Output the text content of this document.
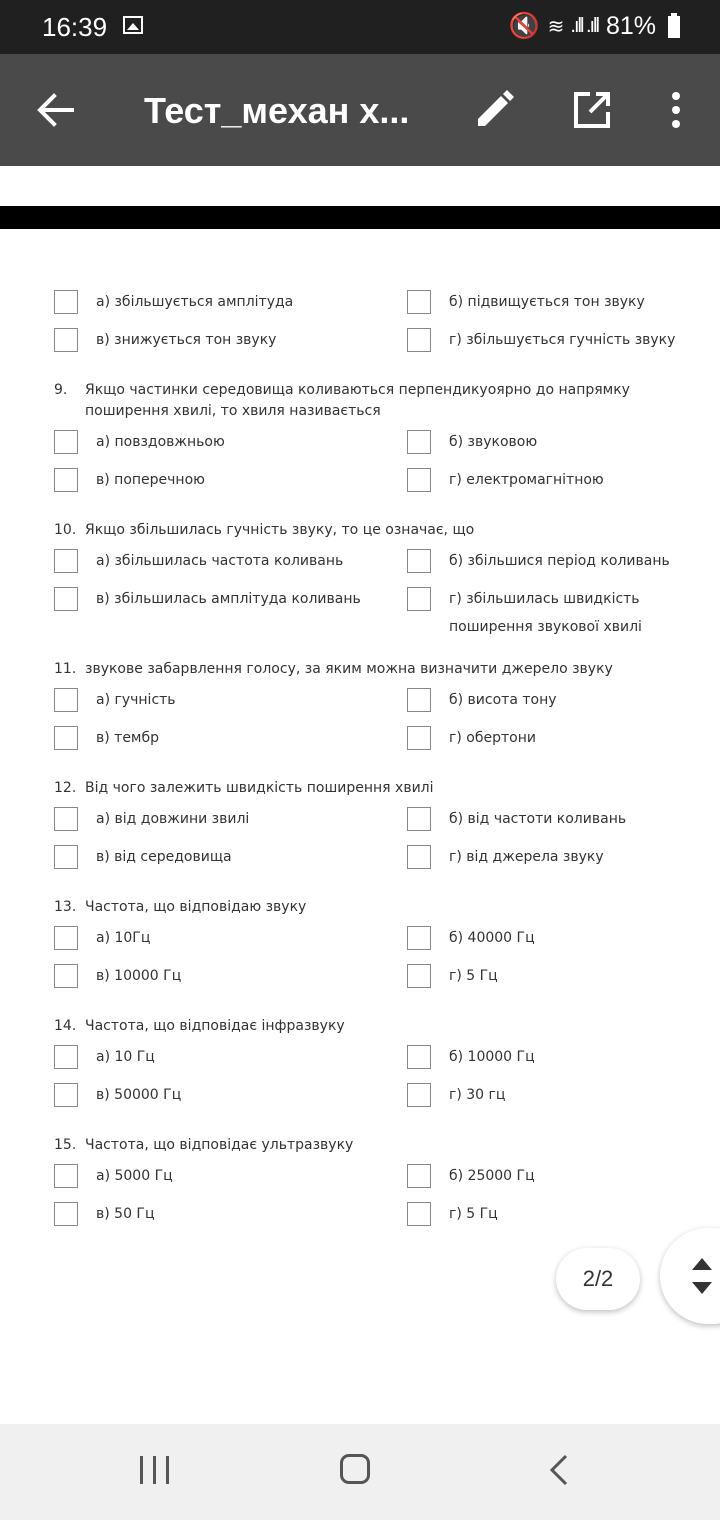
16:39	🔇 ≋ .ıll .ıll 81%
Тест_механ х...
а) збільшується амплітуда	б) підвищується тон звуку
в) знижується тон звуку	г) збільшується гучність звуку
9.	Якщо частинки середовища коливаються перпендикуоярно до напрямку поширення хвилі, то хвиля називається
а) повздовжньою	б) звуковою
в) поперечною	г) електромагнітною
10. Якщо збільшилась гучність звуку, то це означає, що
а) збільшилась частота коливань	б) збільшися період коливань
в) збільшилась амплітуда коливань	г) збільшилась швидкість поширення звукової хвилі
11. звукове забарвлення голосу, за яким можна визначити джерело звуку
а) гучність	б) висота тону
в) тембр	г) обертони
12. Від чого залежить швидкість поширення хвилі
а) від довжини звилі	б) від частоти коливань
в) від середовища	г) від джерела звуку
13. Частота, що відповідаю звуку
а) 10Гц	б) 40000 Гц
в) 10000 Гц	г) 5 Гц
14. Частота, що відповідає інфразвуку
а) 10 Гц	б) 10000 Гц
в) 50000 Гц	г) 30 гц
15. Частота, що відповідає ультразвуку
а) 5000 Гц	б) 25000 Гц
в) 50 Гц	г) 5 Гц
2/2
